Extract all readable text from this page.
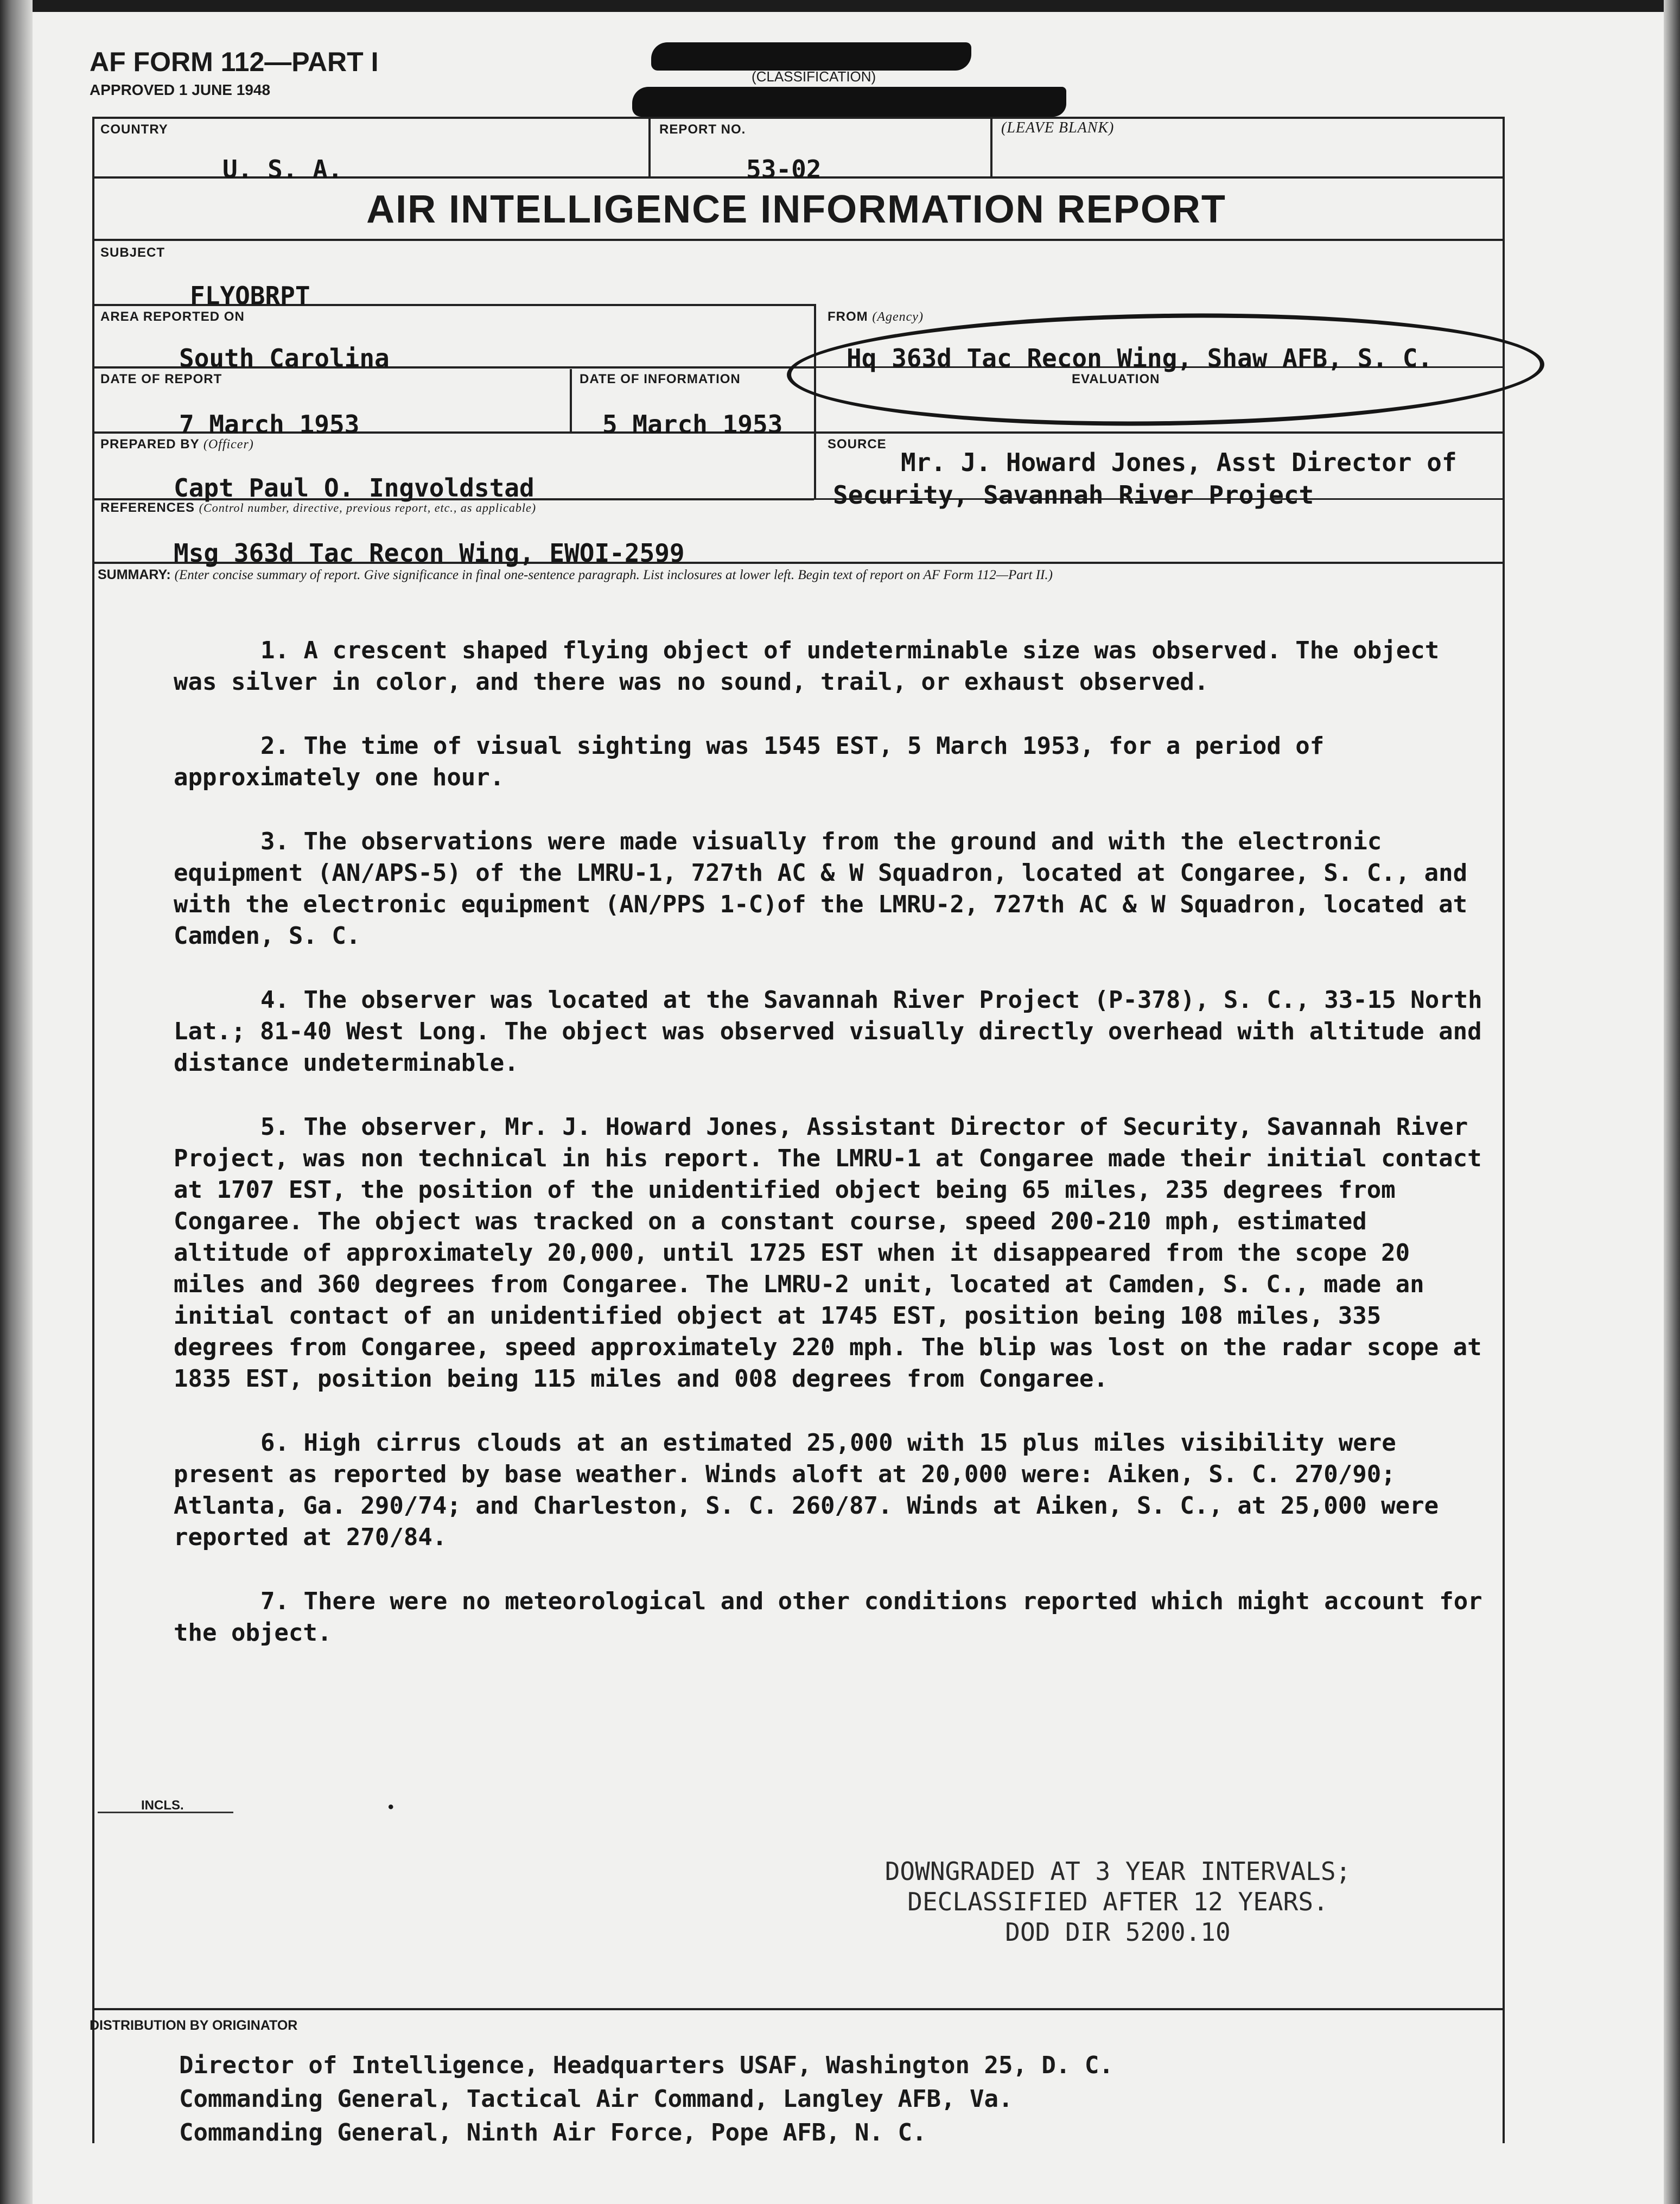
AF FORM 112—PART I
APPROVED 1 JUNE 1948
(CLASSIFICATION)
COUNTRY
U. S. A.
REPORT NO.
53-02
(LEAVE BLANK)
AIR INTELLIGENCE INFORMATION REPORT
SUBJECT
FLYOBRPT
AREA REPORTED ON
South Carolina
FROM (Agency)
Hq 363d Tac Recon Wing, Shaw AFB, S. C.
DATE OF REPORT
7 March 1953
DATE OF INFORMATION
5 March 1953
EVALUATION
PREPARED BY (Officer)
Capt Paul O. Ingvoldstad
SOURCE
Mr. J. Howard Jones, Asst Director of
Security, Savannah River Project
REFERENCES (Control number, directive, previous report, etc., as applicable)
Msg 363d Tac Recon Wing, EWOI-2599
SUMMARY: (Enter concise summary of report. Give significance in final one-sentence paragraph. List inclosures at lower left. Begin text of report on AF Form 112—Part II.)

1. A crescent shaped flying object of undeterminable size was observed. The object was silver in color, and there was no sound, trail, or exhaust observed.

2. The time of visual sighting was 1545 EST, 5 March 1953, for a period of approximately one hour.

3. The observations were made visually from the ground and with the electronic equipment (AN/APS-5) of the LMRU-1, 727th AC & W Squadron, located at Congaree, S. C., and with the electronic equipment (AN/PPS 1-C)of the LMRU-2, 727th AC & W Squadron, located at Camden, S. C.

4. The observer was located at the Savannah River Project (P-378), S. C., 33-15 North Lat.; 81-40 West Long. The object was observed visually directly overhead with altitude and distance undeterminable.

5. The observer, Mr. J. Howard Jones, Assistant Director of Security, Savannah River Project, was non technical in his report. The LMRU-1 at Congaree made their initial contact at 1707 EST, the position of the unidentified object being 65 miles, 235 degrees from Congaree. The object was tracked on a constant course, speed 200-210 mph, estimated altitude of approximately 20,000, until 1725 EST when it disappeared from the scope 20 miles and 360 degrees from Congaree. The LMRU-2 unit, located at Camden, S. C., made an initial contact of an unidentified object at 1745 EST, position being 108 miles, 335 degrees from Congaree, speed approximately 220 mph. The blip was lost on the radar scope at 1835 EST, position being 115 miles and 008 degrees from Congaree.

6. High cirrus clouds at an estimated 25,000 with 15 plus miles visibility were present as reported by base weather. Winds aloft at 20,000 were: Aiken, S. C. 270/90; Atlanta, Ga. 290/74; and Charleston, S. C. 260/87. Winds at Aiken, S. C., at 25,000 were reported at 270/84.

7. There were no meteorological and other conditions reported which might account for the object.

INCLS.	•
DOWNGRADED AT 3 YEAR INTERVALS;
DECLASSIFIED AFTER 12 YEARS.
DOD DIR 5200.10
DISTRIBUTION BY ORIGINATOR
Director of Intelligence, Headquarters USAF, Washington 25, D. C.
Commanding General, Tactical Air Command, Langley AFB, Va.
Commanding General, Ninth Air Force, Pope AFB, N. C.
